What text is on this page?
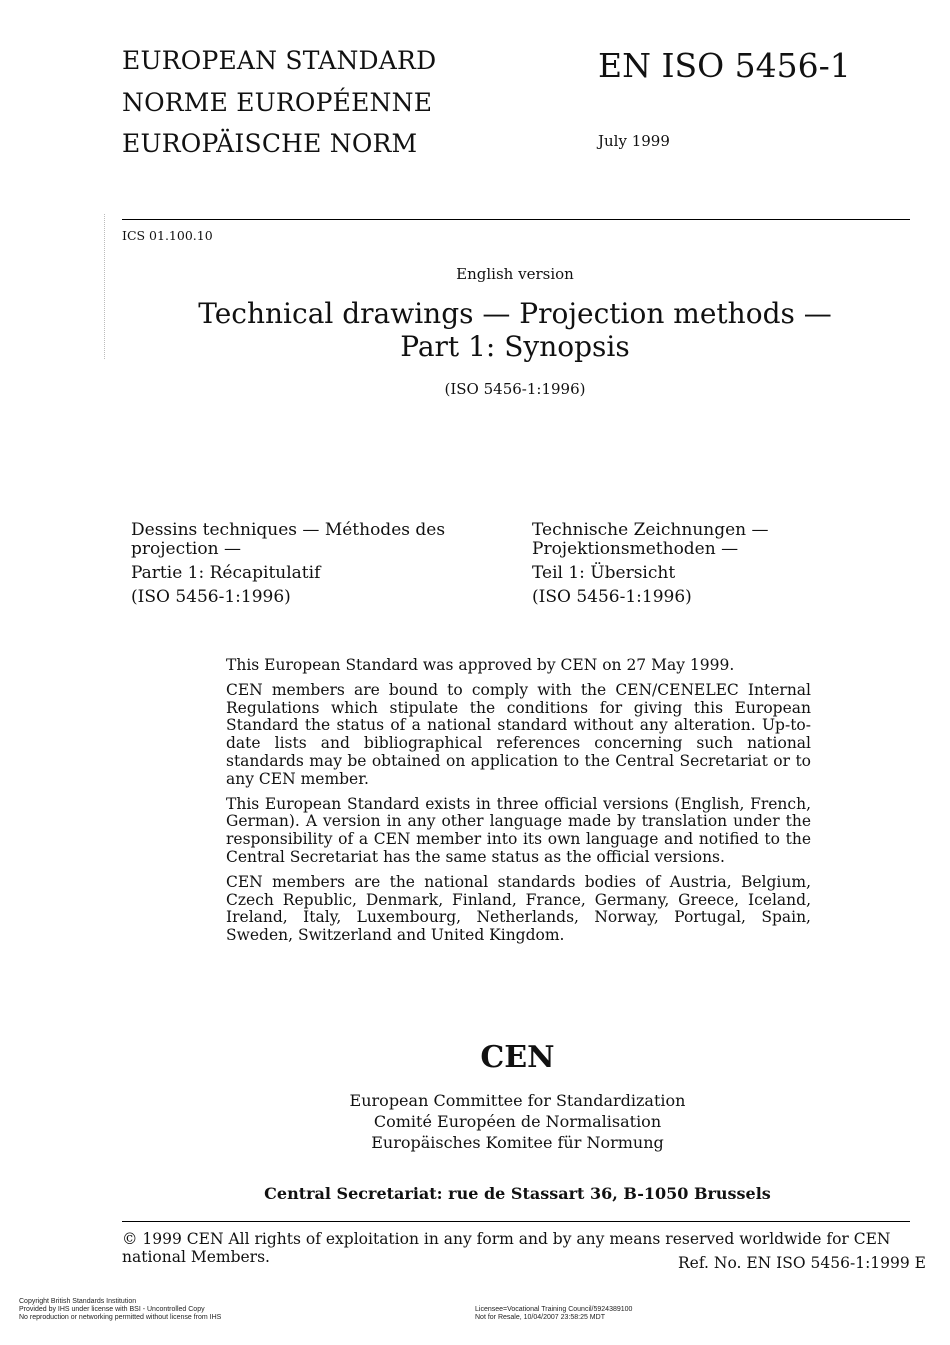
EUROPEAN STANDARD
NORME EUROPÉENNE
EUROPÄISCHE NORM
EN ISO 5456-1
July 1999
ICS 01.100.10
English version
Technical drawings — Projection methods —
Part 1: Synopsis
(ISO 5456-1:1996)
Dessins techniques — Méthodes des
projection —
Partie 1: Récapitulatif
(ISO 5456-1:1996)
Technische Zeichnungen —
Projektionsmethoden —
Teil 1: Übersicht
(ISO 5456-1:1996)

This European Standard was approved by CEN on 27 May 1999.

CEN members are bound to comply with the CEN/CENELEC Internal Regulations which stipulate the conditions for giving this European Standard the status of a national standard without any alteration. Up-to-date lists and bibliographical references concerning such national standards may be obtained on application to the Central Secretariat or to any CEN member.

This European Standard exists in three official versions (English, French, German). A version in any other language made by translation under the responsibility of a CEN member into its own language and notified to the Central Secretariat has the same status as the official versions.

CEN members are the national standards bodies of Austria, Belgium, Czech Republic, Denmark, Finland, France, Germany, Greece, Iceland, Ireland, Italy, Luxembourg, Netherlands, Norway, Portugal, Spain, Sweden, Switzerland and United Kingdom.

CEN
European Committee for Standardization
Comité Européen de Normalisation
Europäisches Komitee für Normung
Central Secretariat: rue de Stassart 36, B-1050 Brussels
© 1999 CEN All rights of exploitation in any form and by any means reserved worldwide for CEN national Members.	Ref. No. EN ISO 5456-1:1999 E
Copyright British Standards Institution
Provided by IHS under license with BSI - Uncontrolled Copy
No reproduction or networking permitted without license from IHS
Licensee=Vocational Training Council/5924389100
Not for Resale, 10/04/2007 23:58:25 MDT
